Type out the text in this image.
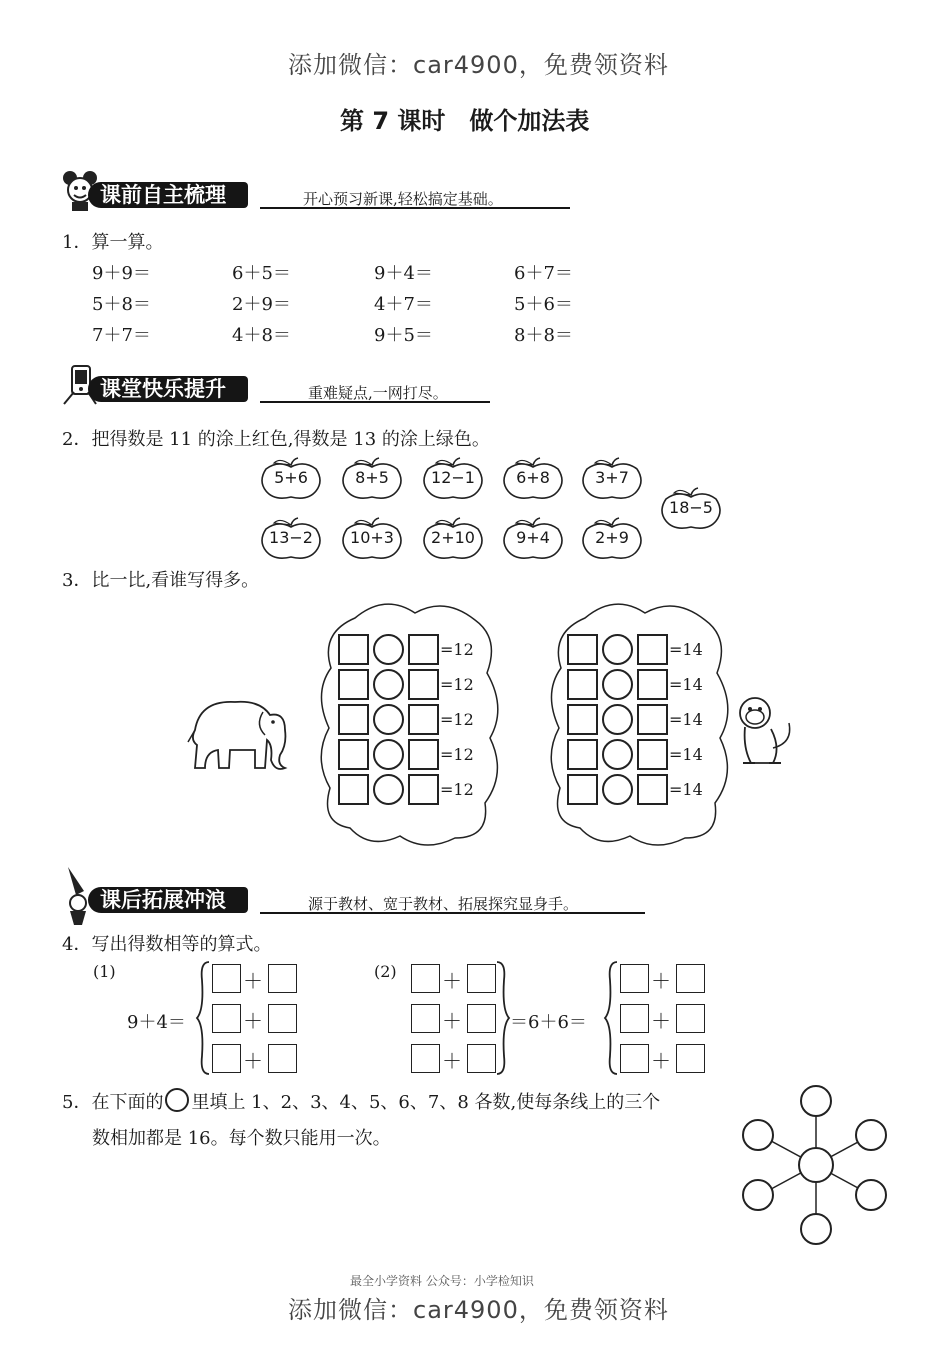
添加微信：car4900，免费领资料
第 7 课时　做个加法表
课前自主梳理	开心预习新课,轻松搞定基础。
1．算一算。
9＋9＝	6＋5＝	9＋4＝	6＋7＝
5＋8＝	2＋9＝	4＋7＝	5＋6＝
7＋7＝	4＋8＝	9＋5＝	8＋8＝
课堂快乐提升	重难疑点,一网打尽。
2．把得数是 11 的涂上红色,得数是 13 的涂上绿色。
5+6	8+5	12−1	6+8	3+7
13−2	10+3	2+10	9+4	2+9
18−5
3．比一比,看谁写得多。
=12
=12
=12
=12
=12
=14
=14
=14
=14
=14
课后拓展冲浪	源于教材、宽于教材、拓展探究显身手。
4．写出得数相等的算式。
(1)
9＋4＝
(2)
＝6＋6＝
＋	＋	＋
＋	＋	＋
＋	＋	＋
5．在下面的 里填上 1、2、3、4、5、6、7、8 各数,使每条线上的三个
数相加都是 16。每个数只能用一次。
最全小学资料 公众号：小学检知识
添加微信：car4900，免费领资料
